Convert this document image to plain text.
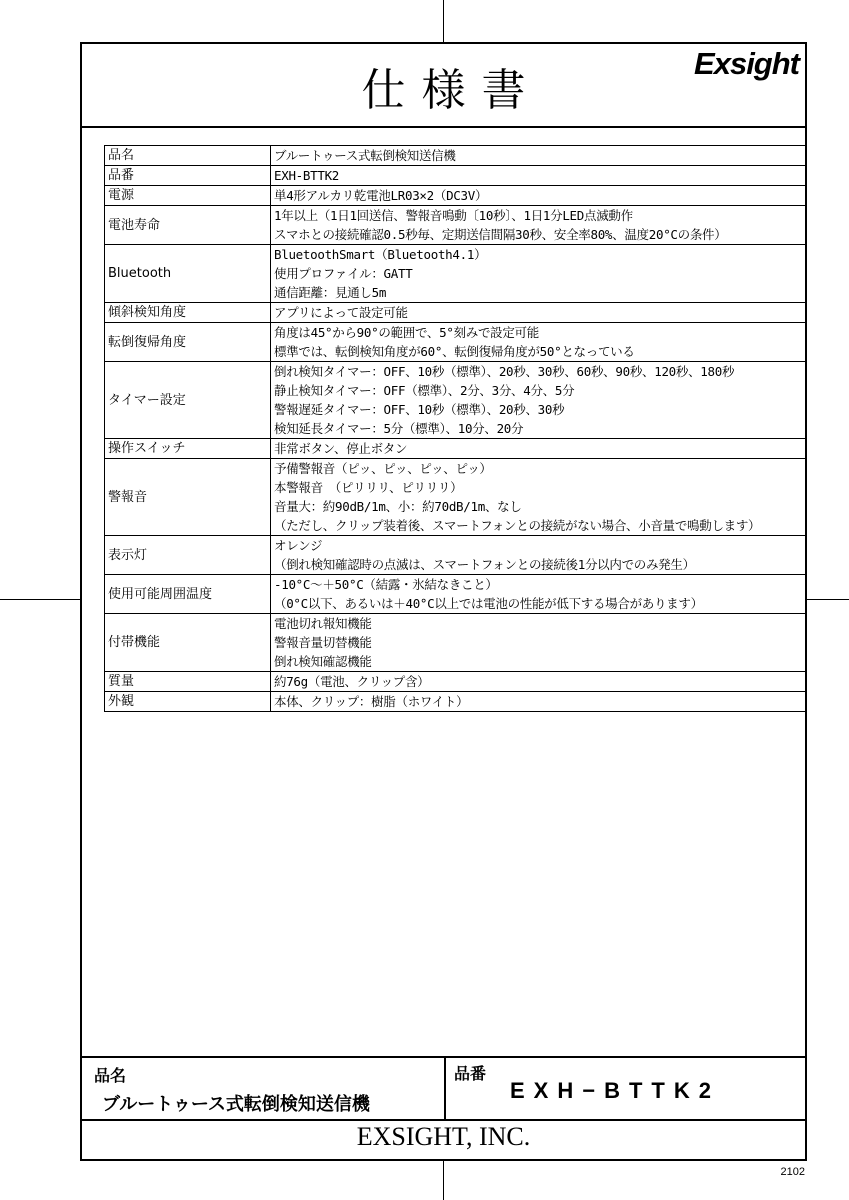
仕様書
Exsight
品名	ブルートゥース式転倒検知送信機

品番	EXH-BTTK2

電源	単4形アルカリ乾電池LR03×2（DC3V）

電池寿命	1年以上（1日1回送信、警報音鳴動〔10秒〕、1日1分LED点滅動作
スマホとの接続確認0.5秒毎、定期送信間隔30秒、安全率80%、温度20°Cの条件）

Bluetooth	BluetoothSmart（Bluetooth4.1）
使用プロファイル：GATT
通信距離：見通し5m

傾斜検知角度	アプリによって設定可能

転倒復帰角度	角度は45°から90°の範囲で、5°刻みで設定可能
標準では、転倒検知角度が60°、転倒復帰角度が50°となっている

タイマー設定	倒れ検知タイマー：OFF、10秒（標準）、20秒、30秒、60秒、90秒、120秒、180秒
静止検知タイマー：OFF（標準）、2分、3分、4分、5分
警報遅延タイマー：OFF、10秒（標準）、20秒、30秒
検知延長タイマー：5分（標準）、10分、20分

操作スイッチ	非常ボタン、停止ボタン

警報音	予備警報音（ピッ、ピッ、ピッ、ピッ）
本警報音　（ピリリリ、ピリリリ）
音量大：約90dB/1m、小：約70dB/1m、なし
（ただし、クリップ装着後、スマートフォンとの接続がない場合、小音量で鳴動します）

表示灯	オレンジ
（倒れ検知確認時の点滅は、スマートフォンとの接続後1分以内でのみ発生）

使用可能周囲温度	-10°C～＋50°C（結露・氷結なきこと）
（0°C以下、あるいは＋40°C以上では電池の性能が低下する場合があります）

付帯機能	電池切れ報知機能
警報音量切替機能
倒れ検知確認機能

質量	約76g（電池、クリップ含）

外観	本体、クリップ：樹脂（ホワイト）
品名
ブルートゥース式転倒検知送信機
品番
EXH−BTTK2
EXSIGHT, INC.
2102
